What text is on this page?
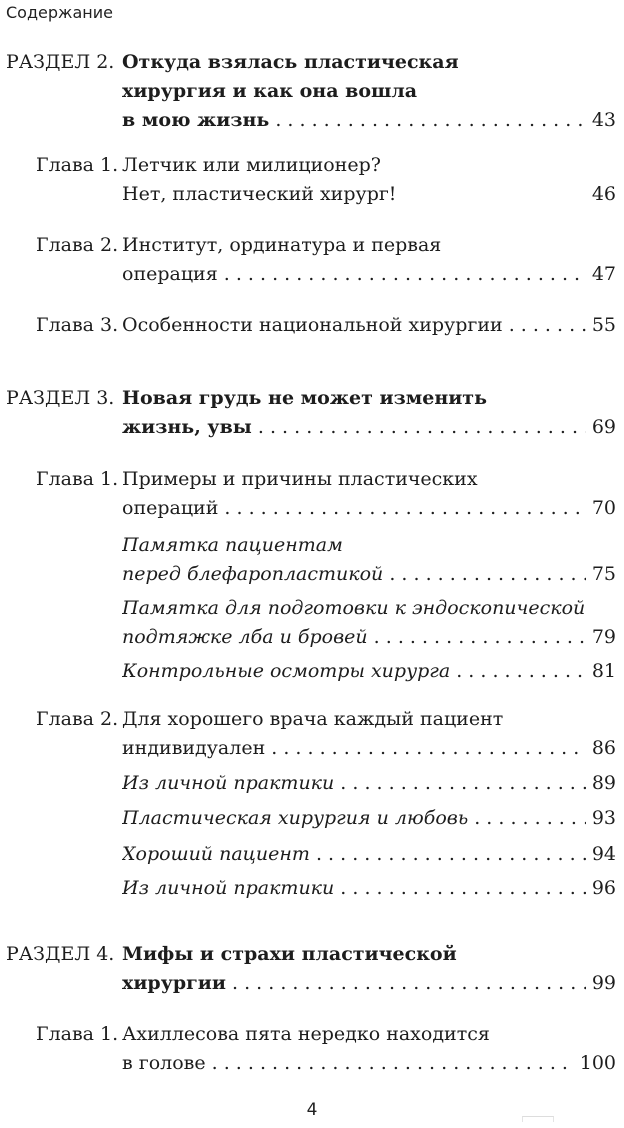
Содержание
РАЗДЕЛ 2. Откуда взялась пластическая
хирургия и как она вошла
в мою жизнь . . .	43
Глава 1. Летчик или милиционер?
Нет, пластический хирург!	46
Глава 2. Институт, ординатура и первая
операция . . .	47
Глава 3. Особенности национальной хирургии . . .	55
РАЗДЕЛ 3. Новая грудь не может изменить
жизнь, увы . . .	69
Глава 1. Примеры и причины пластических
операций . . .	70
Памятка пациентам
перед блефаропластикой . . .	75
Памятка для подготовки к эндоскопической
подтяжке лба и бровей . . .	79
Контрольные осмотры хирурга . . .	81
Глава 2. Для хорошего врача каждый пациент
индивидуален . . .	86
Из личной практики . . .	89
Пластическая хирургия и любовь . . .	93
Хороший пациент . . .	94
Из личной практики . . .	96
РАЗДЕЛ 4. Мифы и страхи пластической
хирургии . . .	99
Глава 1. Ахиллесова пята нередко находится
в голове . . .	100
4
